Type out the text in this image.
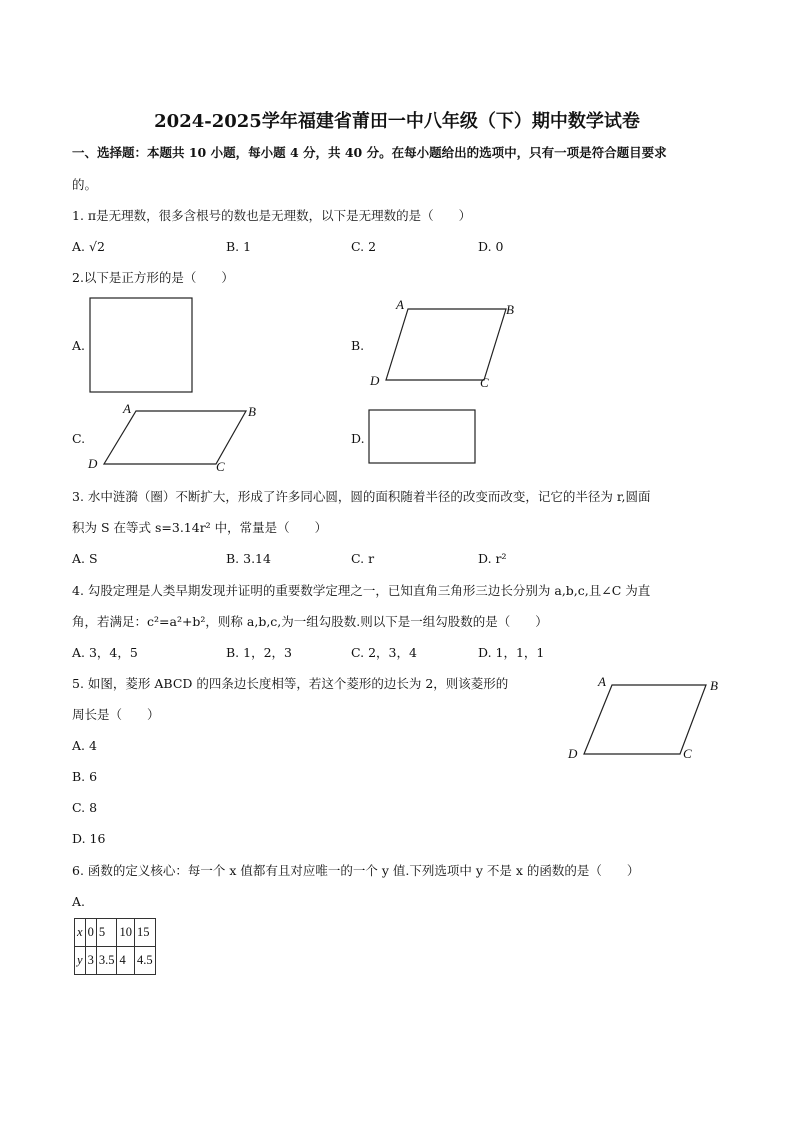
2024-2025学年福建省莆田一中八年级（下）期中数学试卷
一、选择题：本题共 10 小题，每小题 4 分，共 40 分。在每小题给出的选项中，只有一项是符合题目要求
的。
1. π是无理数，很多含根号的数也是无理数，以下是无理数的是（　　）
A. √2	B. 1	C. 2	D. 0
2.以下是正方形的是（　　）
A.	B.
A	B
C
D
C.
A	B
C
D
D.
3. 水中涟漪（圈）不断扩大，形成了许多同心圆，圆的面积随着半径的改变而改变，记它的半径为 r,圆面
积为 S 在等式 s=3.14r² 中，常量是（　　）
A. S	B. 3.14	C. r	D. r²
4. 勾股定理是人类早期发现并证明的重要数学定理之一，已知直角三角形三边长分别为 a,b,c,且∠C 为直
角，若满足：c²=a²+b²，则称 a,b,c,为一组勾股数.则以下是一组勾股数的是（　　）
A. 3，4，5	B. 1，2，3	C. 2，3，4	D. 1，1，1
5. 如图，菱形 ABCD 的四条边长度相等，若这个菱形的边长为 2，则该菱形的
周长是（　　）
A. 4
B. 6
C. 8
D. 16
A	B
C
D
6. 函数的定义核心：每一个 x 值都有且对应唯一的一个 y 值.下列选项中 y 不是 x 的函数的是（　　）
A.
x	0	5	10	15
y	3	3.5	4	4.5
